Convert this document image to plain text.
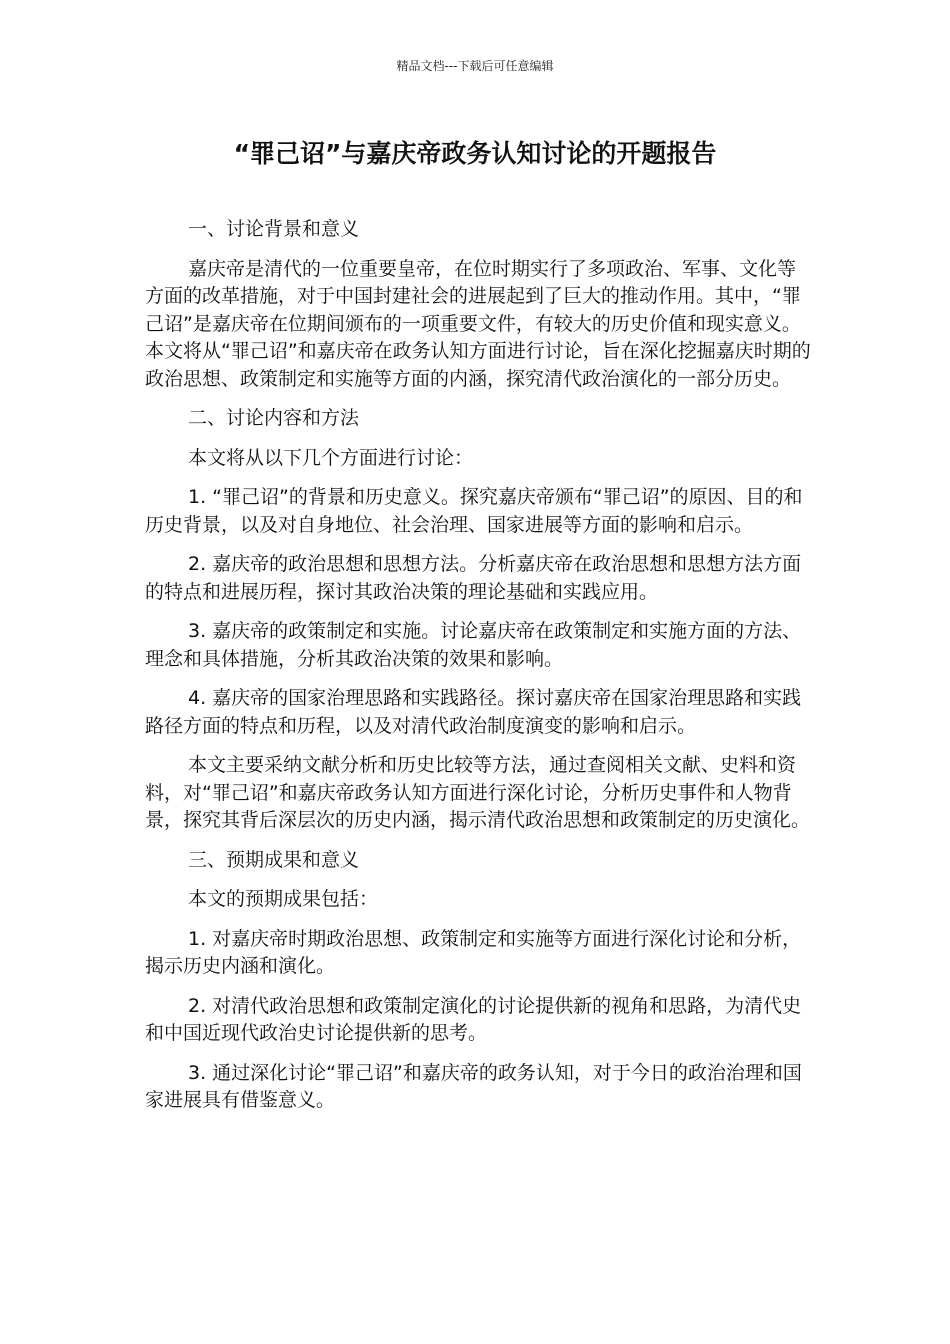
精品文档---下载后可任意编辑
“罪己诏”与嘉庆帝政务认知讨论的开题报告

一、讨论背景和意义

嘉庆帝是清代的一位重要皇帝，在位时期实行了多项政治、军事、文化等方面的改革措施，对于中国封建社会的进展起到了巨大的推动作用。其中，“罪己诏”是嘉庆帝在位期间颁布的一项重要文件，有较大的历史价值和现实意义。本文将从“罪己诏”和嘉庆帝在政务认知方面进行讨论，旨在深化挖掘嘉庆时期的政治思想、政策制定和实施等方面的内涵，探究清代政治演化的一部分历史。

二、讨论内容和方法

本文将从以下几个方面进行讨论：

1. “罪己诏”的背景和历史意义。探究嘉庆帝颁布“罪己诏”的原因、目的和历史背景，以及对自身地位、社会治理、国家进展等方面的影响和启示。

2. 嘉庆帝的政治思想和思想方法。分析嘉庆帝在政治思想和思想方法方面的特点和进展历程，探讨其政治决策的理论基础和实践应用。

3. 嘉庆帝的政策制定和实施。讨论嘉庆帝在政策制定和实施方面的方法、理念和具体措施，分析其政治决策的效果和影响。

4. 嘉庆帝的国家治理思路和实践路径。探讨嘉庆帝在国家治理思路和实践路径方面的特点和历程，以及对清代政治制度演变的影响和启示。

本文主要采纳文献分析和历史比较等方法，通过查阅相关文献、史料和资料，对“罪己诏”和嘉庆帝政务认知方面进行深化讨论，分析历史事件和人物背景，探究其背后深层次的历史内涵，揭示清代政治思想和政策制定的历史演化。

三、预期成果和意义

本文的预期成果包括：

1. 对嘉庆帝时期政治思想、政策制定和实施等方面进行深化讨论和分析，揭示历史内涵和演化。

2. 对清代政治思想和政策制定演化的讨论提供新的视角和思路，为清代史和中国近现代政治史讨论提供新的思考。

3. 通过深化讨论“罪己诏”和嘉庆帝的政务认知，对于今日的政治治理和国家进展具有借鉴意义。
